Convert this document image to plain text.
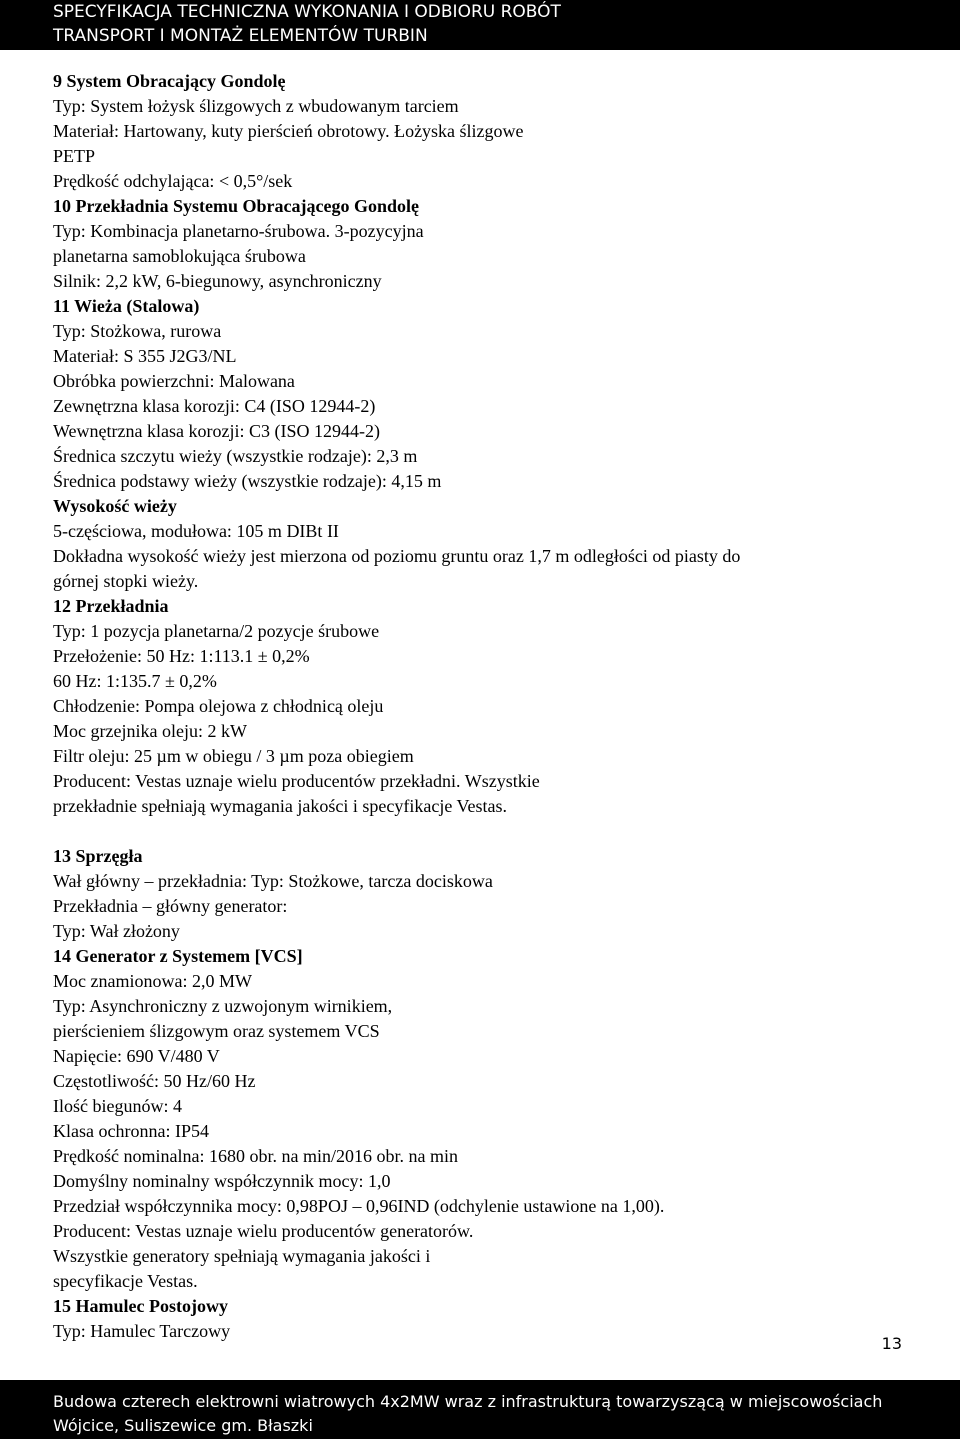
SPECYFIKACJA TECHNICZNA WYKONANIA I ODBIORU ROBÓT
TRANSPORT I MONTAŻ ELEMENTÓW TURBIN
9 System Obracający Gondolę
Typ: System łożysk ślizgowych z wbudowanym tarciem
Materiał: Hartowany, kuty pierścień obrotowy. Łożyska ślizgowe
PETP
Prędkość odchylająca: < 0,5°/sek
10 Przekładnia Systemu Obracającego Gondolę
Typ: Kombinacja planetarno-śrubowa. 3-pozycyjna
planetarna samoblokująca śrubowa
Silnik: 2,2 kW, 6-biegunowy, asynchroniczny
11 Wieża (Stalowa)
Typ: Stożkowa, rurowa
Materiał: S 355 J2G3/NL
Obróbka powierzchni: Malowana
Zewnętrzna klasa korozji: C4 (ISO 12944-2)
Wewnętrzna klasa korozji: C3 (ISO 12944-2)
Średnica szczytu wieży (wszystkie rodzaje): 2,3 m
Średnica podstawy wieży (wszystkie rodzaje): 4,15 m
Wysokość wieży
5-częściowa, modułowa: 105 m DIBt II
Dokładna wysokość wieży jest mierzona od poziomu gruntu oraz 1,7 m odległości od piasty do
górnej stopki wieży.
12 Przekładnia
Typ: 1 pozycja planetarna/2 pozycje śrubowe
Przełożenie: 50 Hz: 1:113.1 ± 0,2%
60 Hz: 1:135.7 ± 0,2%
Chłodzenie: Pompa olejowa z chłodnicą oleju
Moc grzejnika oleju: 2 kW
Filtr oleju: 25 µm w obiegu / 3 µm poza obiegiem
Producent: Vestas uznaje wielu producentów przekładni. Wszystkie
przekładnie spełniają wymagania jakości i specyfikacje Vestas.
13 Sprzęgła
Wał główny – przekładnia: Typ: Stożkowe, tarcza dociskowa
Przekładnia – główny generator:
Typ: Wał złożony
14 Generator z Systemem [VCS]
Moc znamionowa: 2,0 MW
Typ: Asynchroniczny z uzwojonym wirnikiem,
pierścieniem ślizgowym oraz systemem VCS
Napięcie: 690 V/480 V
Częstotliwość: 50 Hz/60 Hz
Ilość biegunów: 4
Klasa ochronna: IP54
Prędkość nominalna: 1680 obr. na min/2016 obr. na min
Domyślny nominalny współczynnik mocy: 1,0
Przedział współczynnika mocy: 0,98POJ – 0,96IND (odchylenie ustawione na 1,00).
Producent: Vestas uznaje wielu producentów generatorów.
Wszystkie generatory spełniają wymagania jakości i
specyfikacje Vestas.
15 Hamulec Postojowy
Typ: Hamulec Tarczowy
13
Budowa czterech elektrowni wiatrowych 4x2MW wraz z infrastrukturą towarzyszącą w miejscowościach
Wójcice, Suliszewice gm. Błaszki
